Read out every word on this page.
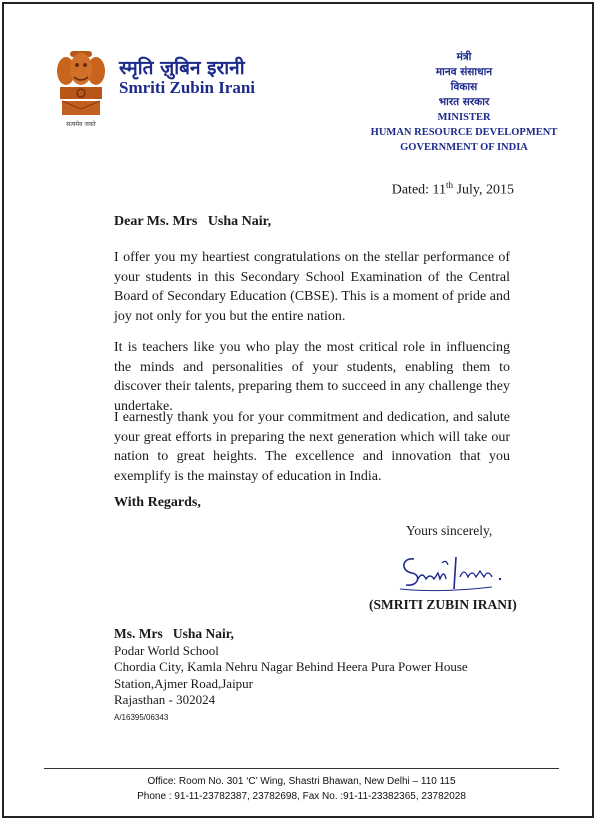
सत्यमेव जयते
स्मृति ज़ुबिन इरानी
Smriti Zubin Irani
मंत्री
मानव संसाधान
विकास
भारत सरकार
MINISTER
HUMAN RESOURCE DEVELOPMENT
GOVERNMENT OF INDIA
Dated: 11th July, 2015
Dear Ms. Mrs   Usha Nair,
I offer you my heartiest congratulations on the stellar performance of your students in this Secondary School Examination of the Central Board of Secondary Education (CBSE). This is a moment of pride and joy not only for you but the entire nation.
It is teachers like you who play the most critical role in influencing the minds and personalities of your students, enabling them to discover their talents, preparing them to succeed in any challenge they undertake.
I earnestly thank you for your commitment and dedication, and salute your great efforts in preparing the next generation which will take our nation to great heights. The excellence and innovation that you exemplify is the mainstay of education in India.
With Regards,
Yours sincerely,
(SMRITI ZUBIN IRANI)
Ms. Mrs   Usha Nair,
Podar World School
Chordia City, Kamla Nehru Nagar Behind Heera Pura Power House
Station,Ajmer Road,Jaipur
Rajasthan - 302024
A/16395/06343
Office: Room No. 301 ‘C’ Wing, Shastri Bhawan, New Delhi – 110 115
Phone : 91-11-23782387, 23782698, Fax No. :91-11-23382365, 23782028
